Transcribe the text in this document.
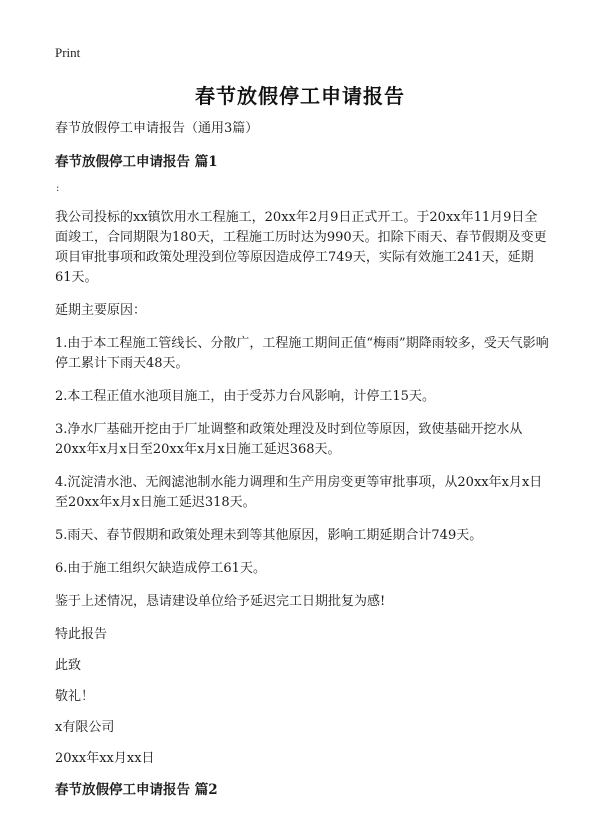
Print
春节放假停工申请报告

春节放假停工申请报告（通用3篇）

春节放假停工申请报告 篇1

:

我公司投标的xx镇饮用水工程施工，20xx年2月9日正式开工。于20xx年11月9日全面竣工，合同期限为180天，工程施工历时达为990天。扣除下雨天、春节假期及变更项目审批事项和政策处理没到位等原因造成停工749天，实际有效施工241天，延期61天。

延期主要原因：

1.由于本工程施工管线长、分散广，工程施工期间正值“梅雨”期降雨较多，受天气影响停工累计下雨天48天。

2.本工程正值水池项目施工，由于受苏力台风影响，计停工15天。

3.净水厂基础开挖由于厂址调整和政策处理没及时到位等原因，致使基础开挖水从20xx年x月x日至20xx年x月x日施工延迟368天。

4.沉淀清水池、无阀滤池制水能力调理和生产用房变更等审批事项，从20xx年x月x日至20xx年x月x日施工延迟318天。

5.雨天、春节假期和政策处理未到等其他原因，影响工期延期合计749天。

6.由于施工组织欠缺造成停工61天。

鉴于上述情况，恳请建设单位给予延迟完工日期批复为感!

特此报告

此致

敬礼！

x有限公司

20xx年xx月xx日

春节放假停工申请报告 篇2
